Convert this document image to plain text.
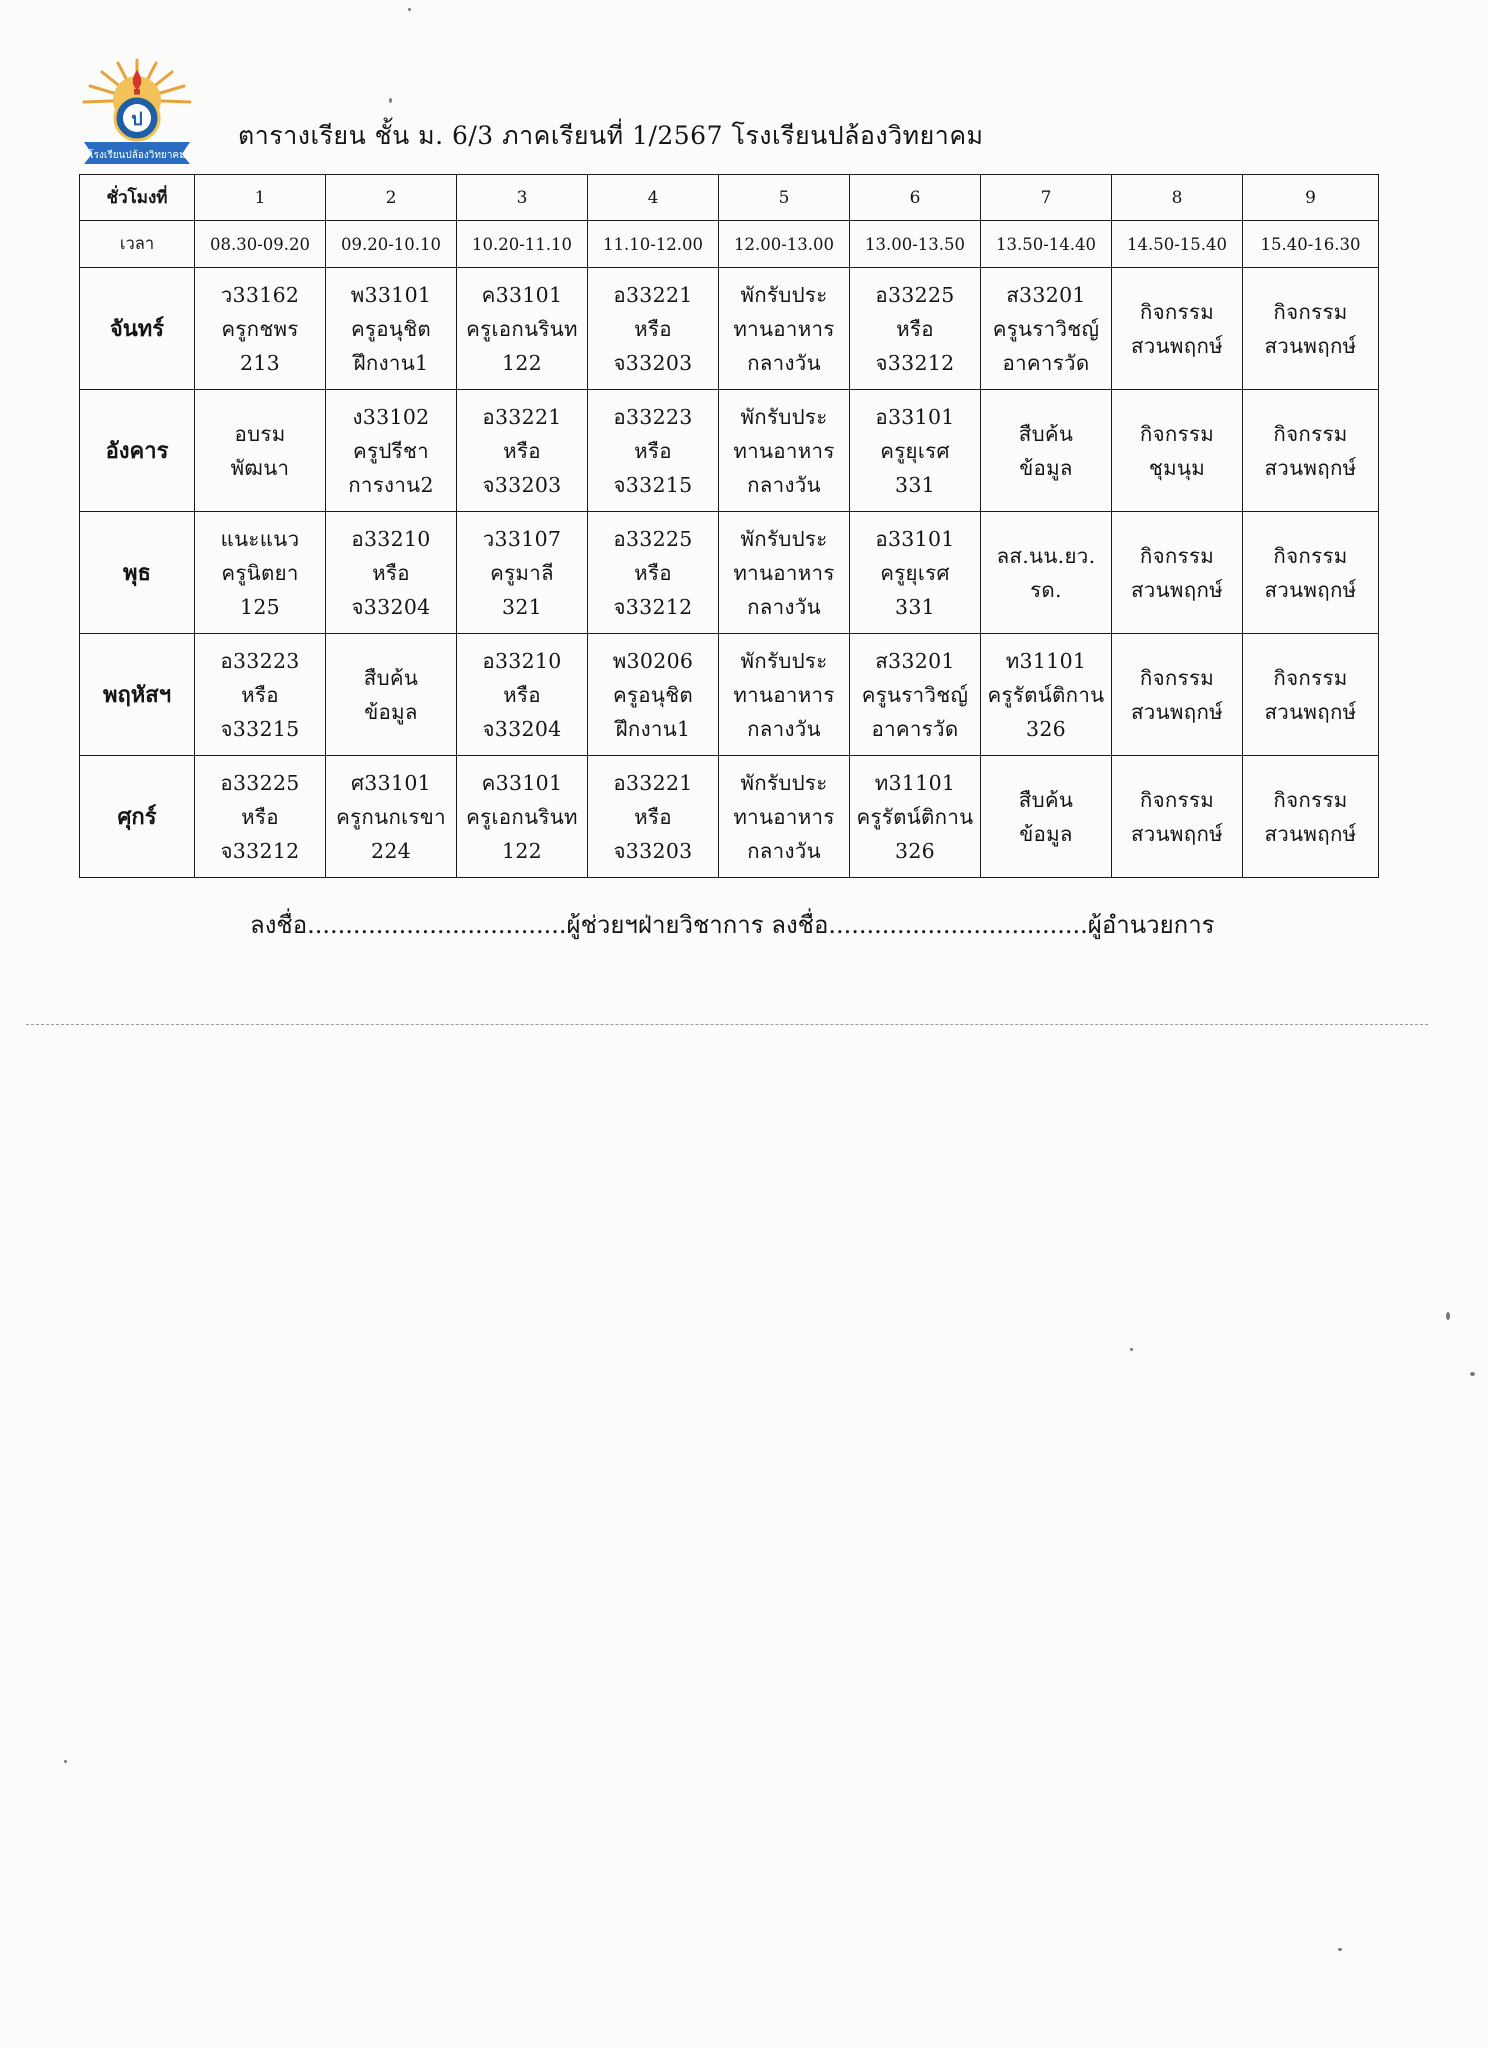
ป
โรงเรียนปล้องวิทยาคม
ตารางเรียน ชั้น ม. 6/3 ภาคเรียนที่ 1/2567 โรงเรียนปล้องวิทยาคม
ชั่วโมงที่	1	2	3	4	5	6	7	8	9
เวลา	08.30-09.20	09.20-10.10	10.20-11.10	11.10-12.00	12.00-13.00	13.00-13.50	13.50-14.40	14.50-15.40	15.40-16.30
จันทร์	ว33162
ครูกชพร
213	พ33101
ครูอนุชิต
ฝึกงาน1	ค33101
ครูเอกนรินท
122	อ33221
หรือ
จ33203	พักรับประ
ทานอาหาร
กลางวัน	อ33225
หรือ
จ33212	ส33201
ครูนราวิชญ์
อาคารวัด	กิจกรรม
สวนพฤกษ์	กิจกรรม
สวนพฤกษ์

อังคาร	อบรม
พัฒนา	ง33102
ครูปรีชา
การงาน2	อ33221
หรือ
จ33203	อ33223
หรือ
จ33215	พักรับประ
ทานอาหาร
กลางวัน	อ33101
ครูยุเรศ
331	สืบค้น
ข้อมูล	กิจกรรม
ชุมนุม	กิจกรรม
สวนพฤกษ์

พุธ	แนะแนว
ครูนิตยา
125	อ33210
หรือ
จ33204	ว33107
ครูมาลี
321	อ33225
หรือ
จ33212	พักรับประ
ทานอาหาร
กลางวัน	อ33101
ครูยุเรศ
331	ลส.นน.ยว.
รด.	กิจกรรม
สวนพฤกษ์	กิจกรรม
สวนพฤกษ์

พฤหัสฯ	อ33223
หรือ
จ33215	สืบค้น
ข้อมูล	อ33210
หรือ
จ33204	พ30206
ครูอนุชิต
ฝึกงาน1	พักรับประ
ทานอาหาร
กลางวัน	ส33201
ครูนราวิชญ์
อาคารวัด	ท31101
ครูรัตน์ติกาน
326	กิจกรรม
สวนพฤกษ์	กิจกรรม
สวนพฤกษ์

ศุกร์	อ33225
หรือ
จ33212	ศ33101
ครูกนกเรขา
224	ค33101
ครูเอกนรินท
122	อ33221
หรือ
จ33203	พักรับประ
ทานอาหาร
กลางวัน	ท31101
ครูรัตน์ติกาน
326	สืบค้น
ข้อมูล	กิจกรรม
สวนพฤกษ์	กิจกรรม
สวนพฤกษ์
ลงชื่อ..................................ผู้ช่วยฯฝ่ายวิชาการ ลงชื่อ..................................ผู้อำนวยการ
